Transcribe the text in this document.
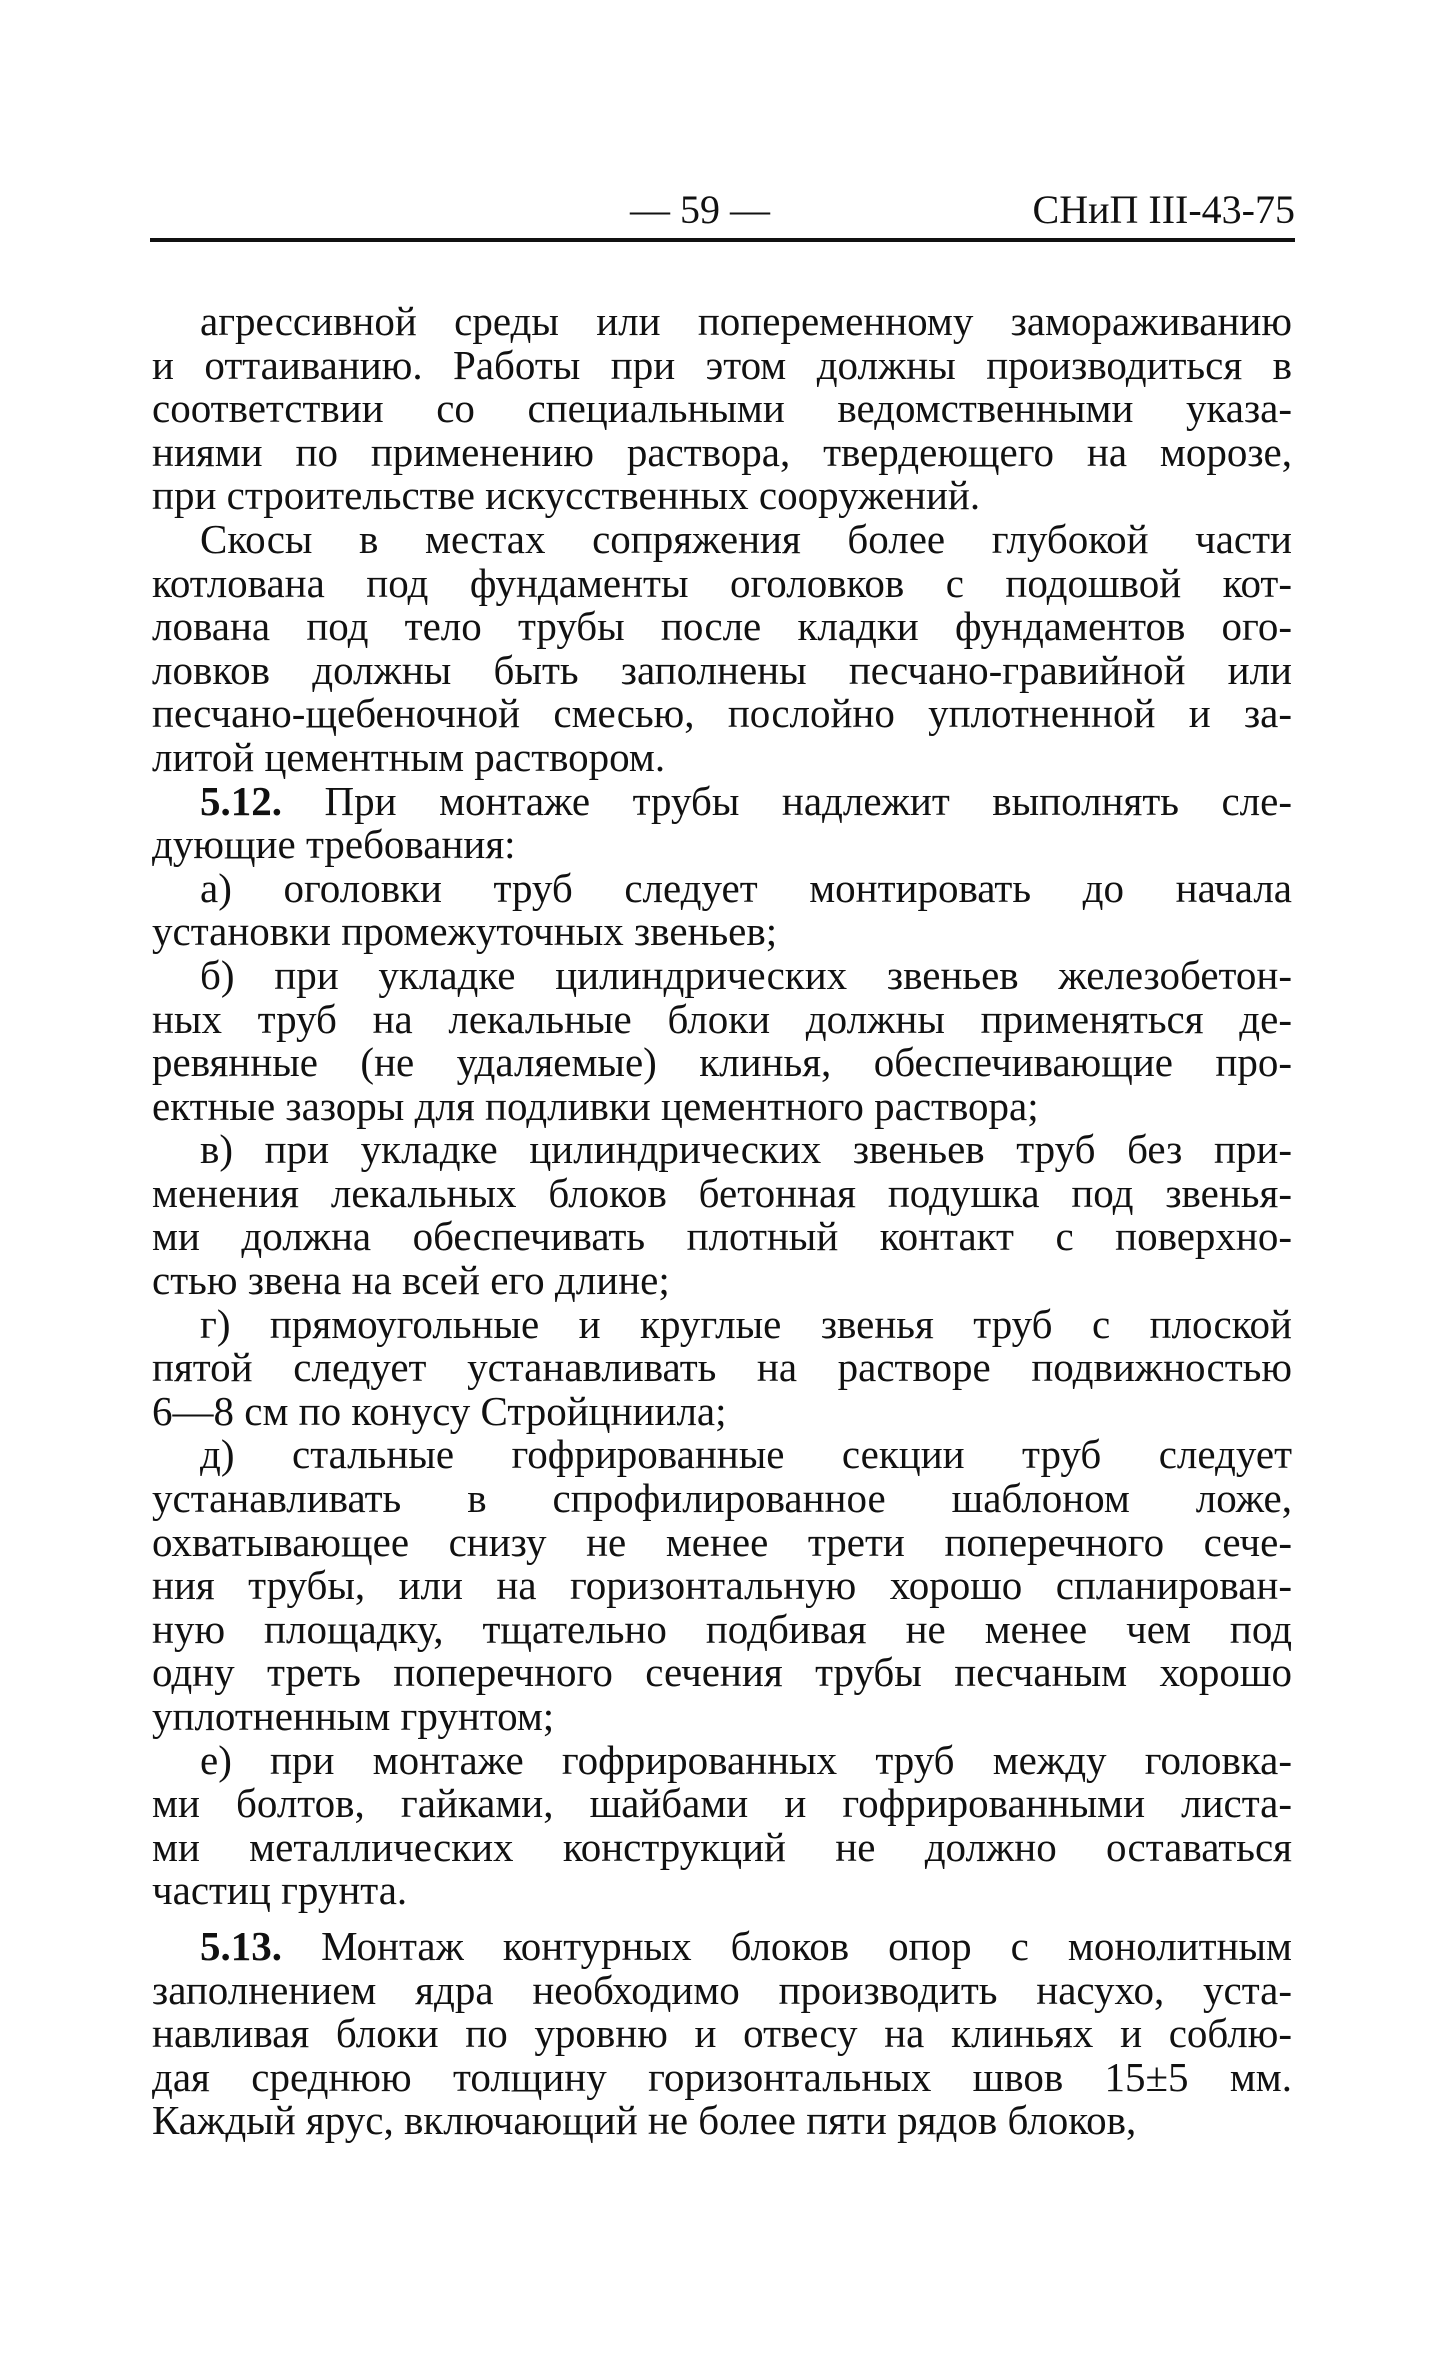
— 59 —	СНиП III-43-75
агрессивной среды или попеременному замораживанию
и оттаиванию. Работы при этом должны производиться в
соответствии со специальными ведомственными указа-
ниями по применению раствора, твердеющего на морозе,
при строительстве искусственных сооружений.
Скосы в местах сопряжения более глубокой части
котлована под фундаменты оголовков с подошвой кот-
лована под тело трубы после кладки фундаментов ого-
ловков должны быть заполнены песчано-гравийной или
песчано-щебеночной смесью, послойно уплотненной и за-
литой цементным раствором.
5.12. При монтаже трубы надлежит выполнять сле-
дующие требования:
а) оголовки труб следует монтировать до начала
установки промежуточных звеньев;
б) при укладке цилиндрических звеньев железобетон-
ных труб на лекальные блоки должны применяться де-
ревянные (не удаляемые) клинья, обеспечивающие про-
ектные зазоры для подливки цементного раствора;
в) при укладке цилиндрических звеньев труб без при-
менения лекальных блоков бетонная подушка под звенья-
ми должна обеспечивать плотный контакт с поверхно-
стью звена на всей его длине;
г) прямоугольные и круглые звенья труб с плоской
пятой следует устанавливать на растворе подвижностью
6—8 см по конусу Стройцниила;
д) стальные гофрированные секции труб следует
устанавливать в спрофилированное шаблоном ложе,
охватывающее снизу не менее трети поперечного сече-
ния трубы, или на горизонтальную хорошо спланирован-
ную площадку, тщательно подбивая не менее чем под
одну треть поперечного сечения трубы песчаным хорошо
уплотненным грунтом;
е) при монтаже гофрированных труб между головка-
ми болтов, гайками, шайбами и гофрированными листа-
ми металлических конструкций не должно оставаться
частиц грунта.
5.13. Монтаж контурных блоков опор с монолитным
заполнением ядра необходимо производить насухо, уста-
навливая блоки по уровню и отвесу на клиньях и соблю-
дая среднюю толщину горизонтальных швов 15±5 мм.
Каждый ярус, включающий не более пяти рядов блоков,
